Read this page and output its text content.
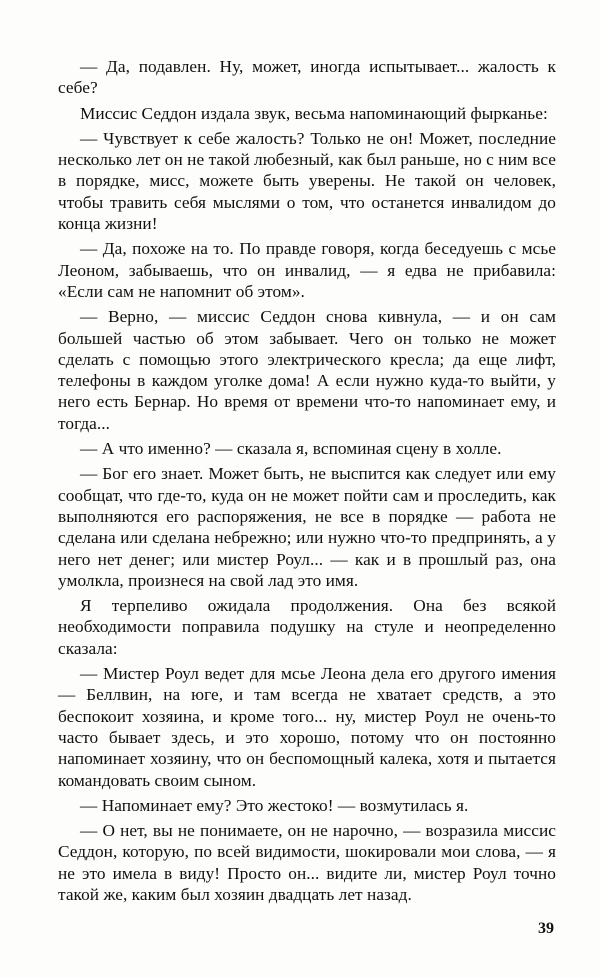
— Да, подавлен. Ну, может, иногда испытывает... жалость к себе?

Миссис Седдон издала звук, весьма напоминающий фырканье:

— Чувствует к себе жалость? Только не он! Может, последние несколько лет он не такой любезный, как был раньше, но с ним все в порядке, мисс, можете быть уверены. Не такой он человек, чтобы травить себя мыслями о том, что останется инвалидом до конца жизни!

— Да, похоже на то. По правде говоря, когда беседуешь с мсье Леоном, забываешь, что он инвалид, — я едва не прибавила: «Если сам не напомнит об этом».

— Верно, — миссис Седдон снова кивнула, — и он сам большей частью об этом забывает. Чего он только не может сделать с помощью этого электрического кресла; да еще лифт, телефоны в каждом уголке дома! А если нужно куда-то выйти, у него есть Бернар. Но время от времени что-то напоминает ему, и тогда...

— А что именно? — сказала я, вспоминая сцену в холле.

— Бог его знает. Может быть, не выспится как следует или ему сообщат, что где-то, куда он не может пойти сам и проследить, как выполняются его распоряжения, не все в порядке — работа не сделана или сделана небрежно; или нужно что-то предпринять, а у него нет денег; или мистер Роул... — как и в прошлый раз, она умолкла, произнеся на свой лад это имя.

Я терпеливо ожидала продолжения. Она без всякой необходимости поправила подушку на стуле и неопределенно сказала:

— Мистер Роул ведет для мсье Леона дела его другого имения — Беллвин, на юге, и там всегда не хватает средств, а это беспокоит хозяина, и кроме того... ну, мистер Роул не очень-то часто бывает здесь, и это хорошо, потому что он постоянно напоминает хозяину, что он беспомощный калека, хотя и пытается командовать своим сыном.

— Напоминает ему? Это жестоко! — возмутилась я.

— О нет, вы не понимаете, он не нарочно, — возразила миссис Седдон, которую, по всей видимости, шокировали мои слова, — я не это имела в виду! Просто он... видите ли, мистер Роул точно такой же, каким был хозяин двадцать лет назад.

39
